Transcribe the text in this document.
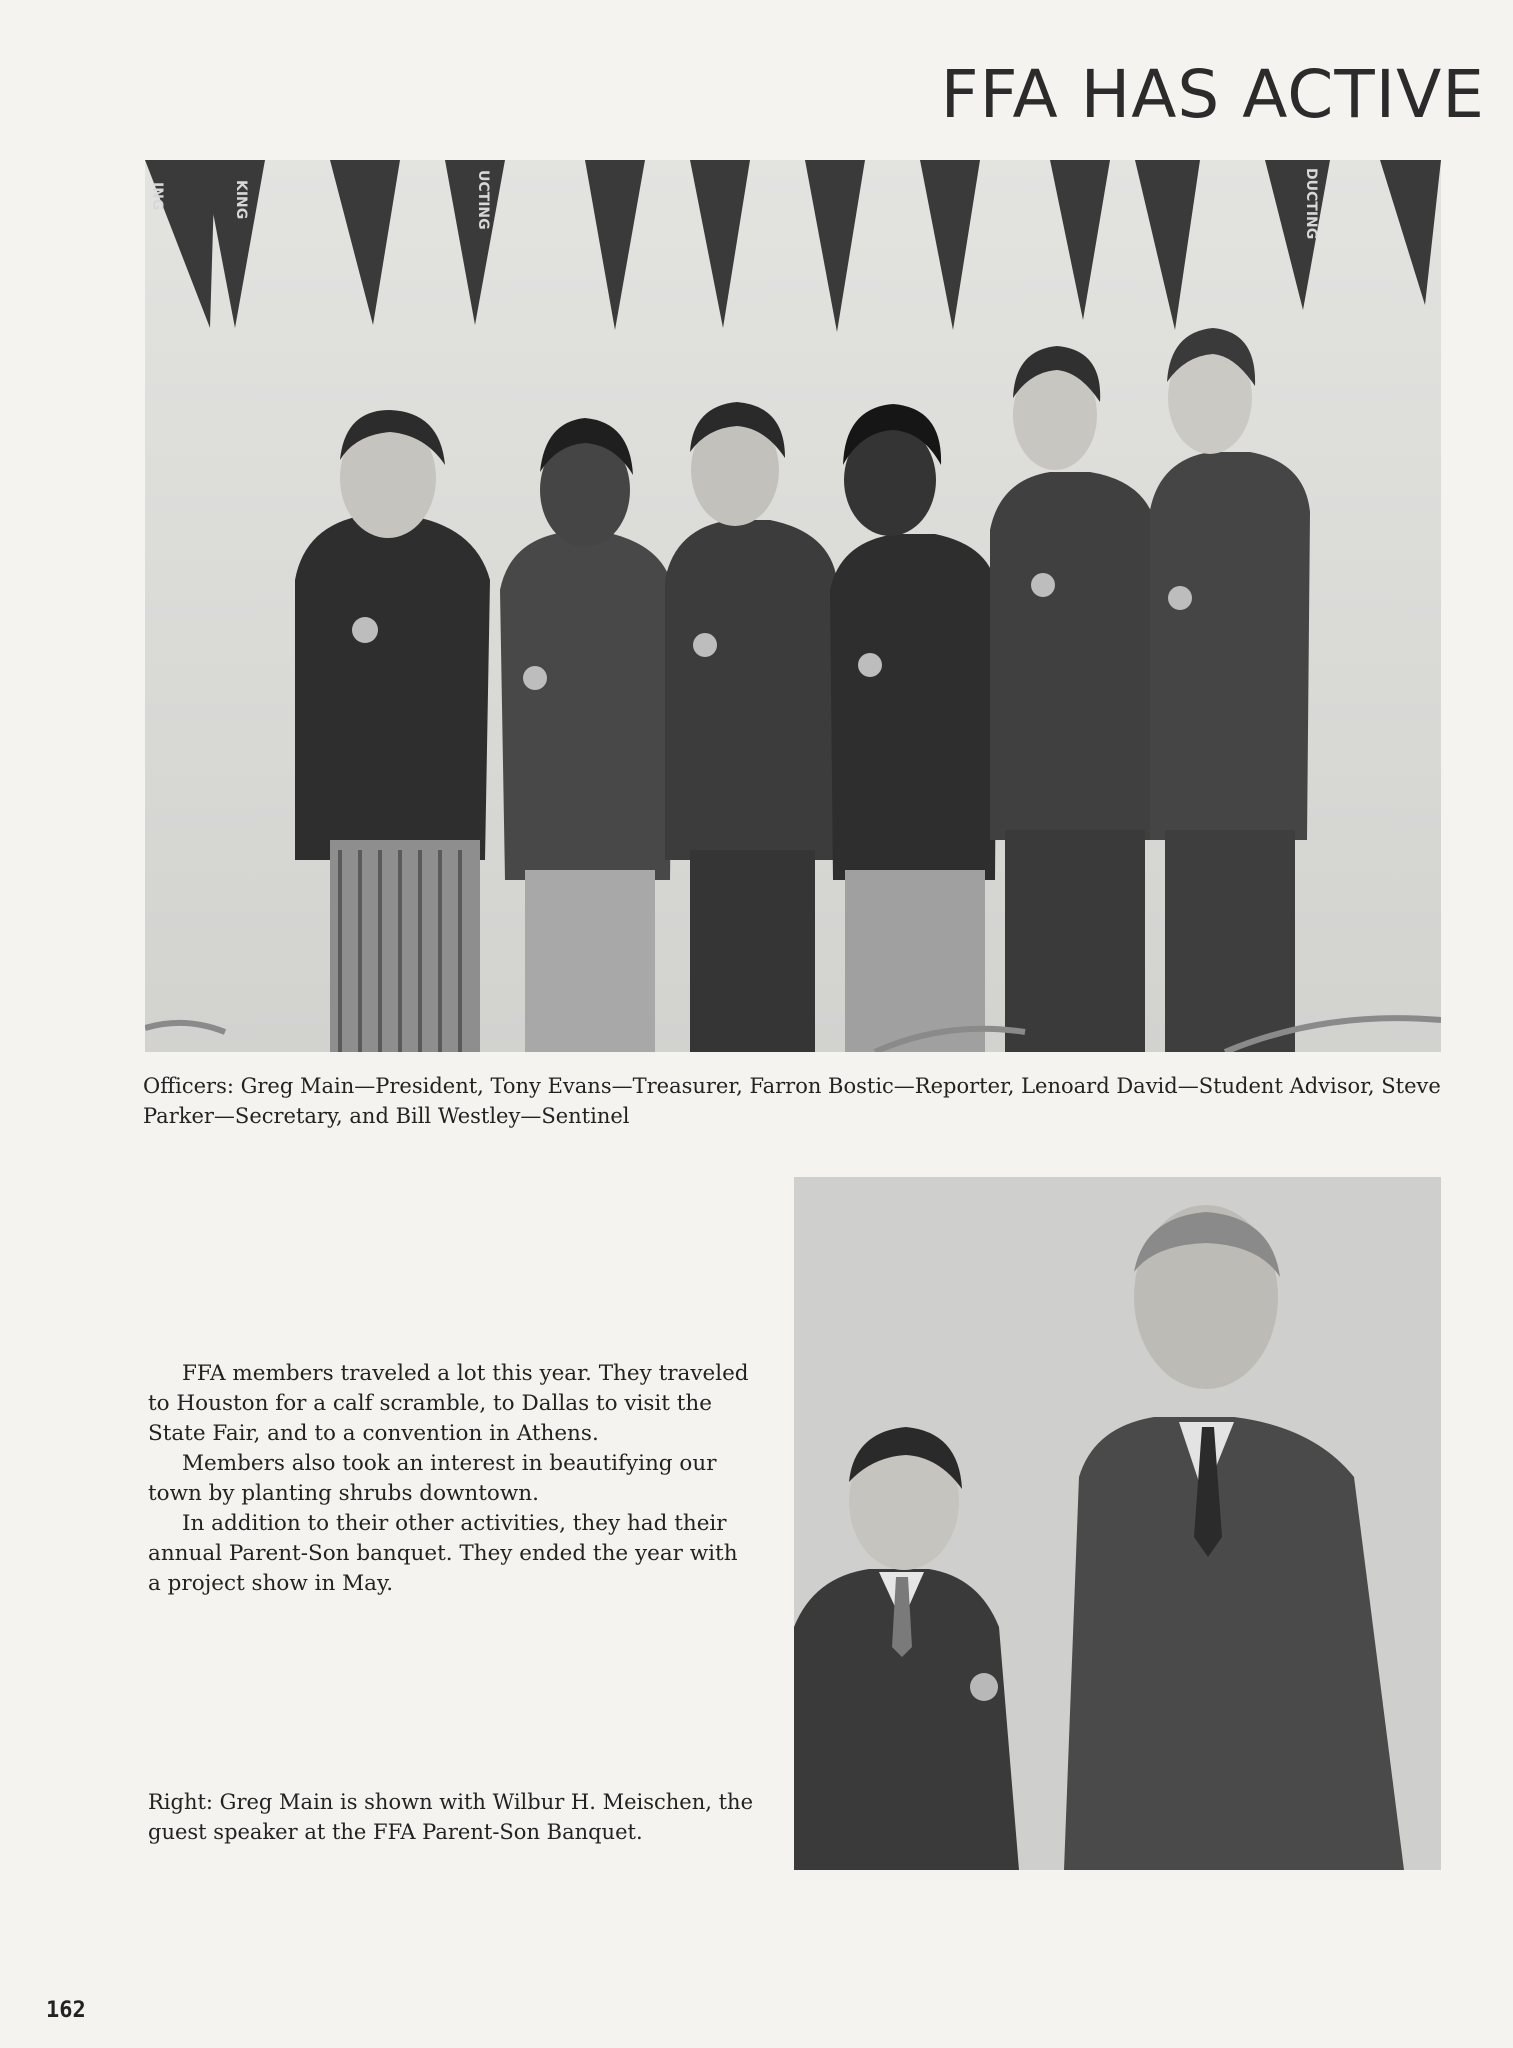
FFA HAS ACTIVE
ING	KING	UCTING	DUCTING
Officers: Greg Main—President, Tony Evans—Treasurer, Farron Bostic—Reporter, Lenoard David—Student Advisor, Steve Parker—Secretary, and Bill Westley—Sentinel

FFA members traveled a lot this year. They traveled to Houston for a calf scramble, to Dallas to visit the State Fair, and to a convention in Athens.

Members also took an interest in beautifying our town by planting shrubs downtown.

In addition to their other activities, they had their annual Parent-Son banquet. They ended the year with a project show in May.

Right: Greg Main is shown with Wilbur H. Meischen, the guest speaker at the FFA Parent-Son Banquet.
162
